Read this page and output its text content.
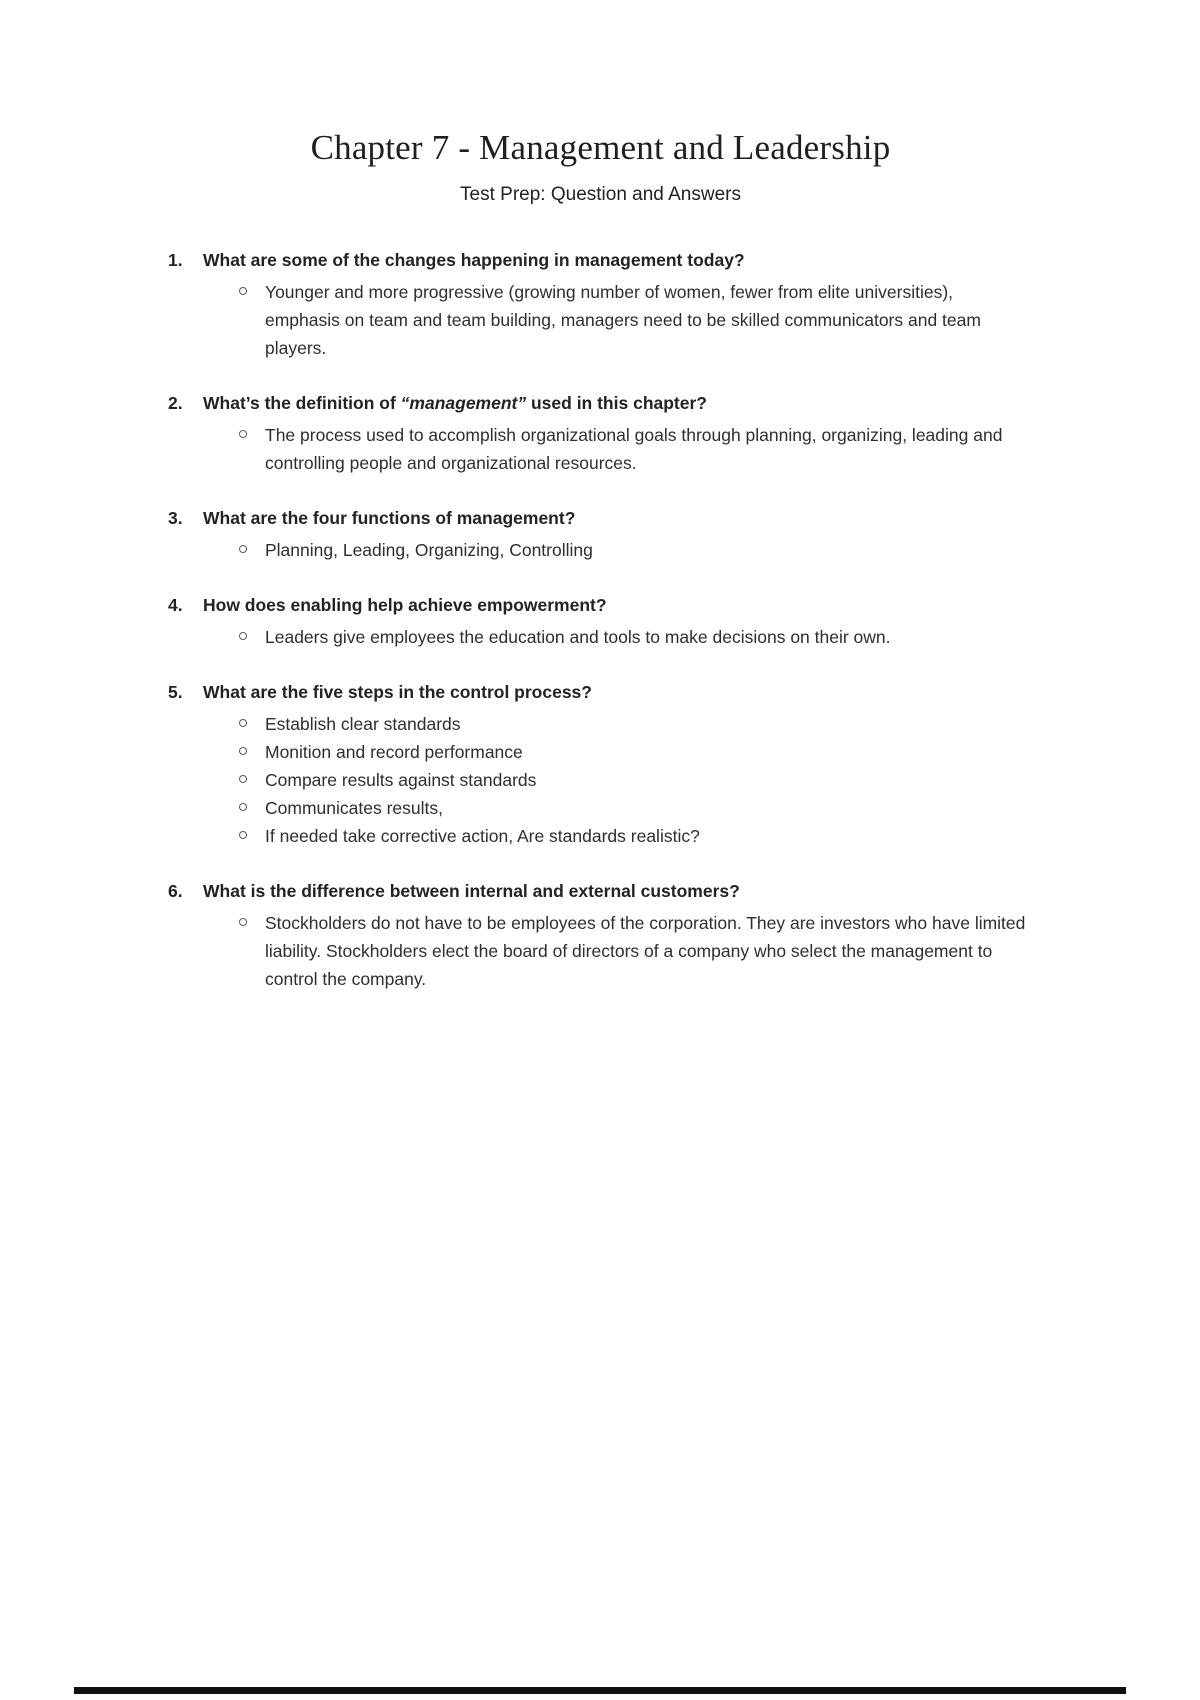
Chapter 7 - Management and Leadership

Test Prep: Question and Answers

1.	What are some of the changes happening in management today?
Younger and more progressive (growing number of women, fewer from elite universities), emphasis on team and team building, managers need to be skilled communicators and team players.
2.	What’s the definition of “management” used in this chapter?
The process used to accomplish organizational goals through planning, organizing, leading and controlling people and organizational resources.
3.	What are the four functions of management?
Planning, Leading, Organizing, Controlling
4.	How does enabling help achieve empowerment?
Leaders give employees the education and tools to make decisions on their own.
5.	What are the five steps in the control process?
Establish clear standards
Monition and record performance
Compare results against standards
Communicates results,
If needed take corrective action, Are standards realistic?
6.	What is the difference between internal and external customers?
Stockholders do not have to be employees of the corporation. They are investors who have limited liability. Stockholders elect the board of directors of a company who select the management to control the company.
